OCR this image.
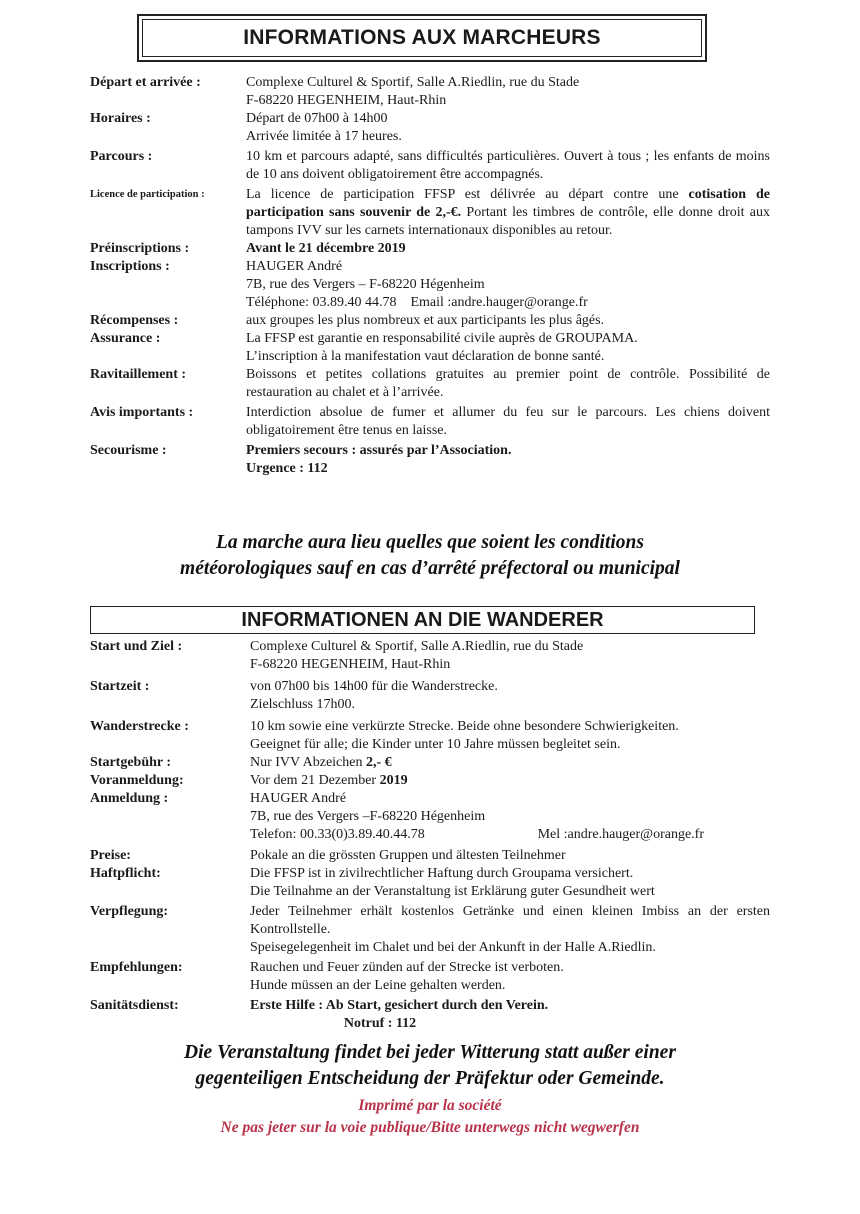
INFORMATIONS AUX MARCHEURS
Départ et arrivée :	Complexe Culturel & Sportif, Salle A.Riedlin, rue du Stade
F-68220 HEGENHEIM, Haut-Rhin
Horaires :	Départ de 07h00 à 14h00
Arrivée limitée à 17 heures.
Parcours :	10 km et parcours adapté, sans difficultés particulières. Ouvert à tous ; les enfants de moins de 10 ans doivent obligatoirement être accompagnés.
Licence de participation :	La licence de participation FFSP est délivrée au départ contre une cotisation de participation sans souvenir de 2,-€. Portant les timbres de contrôle, elle donne droit aux tampons IVV sur les carnets internationaux disponibles au retour.
Préinscriptions :	Avant le 21 décembre 2019
Inscriptions :	HAUGER André
7B, rue des Vergers – F-68220 Hégenheim
Téléphone: 03.89.40 44.78 Email :andre.hauger@orange.fr
Récompenses :	aux groupes les plus nombreux et aux participants les plus âgés.
Assurance :	La FFSP est garantie en responsabilité civile auprès de GROUPAMA.
L’inscription à la manifestation vaut déclaration de bonne santé.
Ravitaillement :	Boissons et petites collations gratuites au premier point de contrôle. Possibilité de restauration au chalet et à l’arrivée.
Avis importants :	Interdiction absolue de fumer et allumer du feu sur le parcours. Les chiens doivent obligatoirement être tenus en laisse.
Secourisme :	Premiers secours : assurés par l’Association.
Urgence : 112
La marche aura lieu quelles que soient les conditions
météorologiques sauf en cas d’arrêté préfectoral ou municipal
INFORMATIONEN AN DIE WANDERER
Start und Ziel :	Complexe Culturel & Sportif, Salle A.Riedlin, rue du Stade
F-68220 HEGENHEIM, Haut-Rhin
Startzeit :	von 07h00 bis 14h00 für die Wanderstrecke.
Zielschluss 17h00.
Wanderstrecke :	10 km sowie eine verkürzte Strecke. Beide ohne besondere Schwierigkeiten.
Geeignet für alle; die Kinder unter 10 Jahre müssen begleitet sein.
Startgebühr :	Nur IVV Abzeichen 2,- €
Voranmeldung:	Vor dem 21 Dezember 2019
Anmeldung :	HAUGER André
7B, rue des Vergers –F-68220 Hégenheim
Telefon: 00.33(0)3.89.40.44.78	Mel :andre.hauger@orange.fr
Preise:	Pokale an die grössten Gruppen und ältesten Teilnehmer
Haftpflicht:	Die FFSP ist in zivilrechtlicher Haftung durch Groupama versichert.
Die Teilnahme an der Veranstaltung ist Erklärung guter Gesundheit wert
Verpflegung:	Jeder Teilnehmer erhält kostenlos Getränke und einen kleinen Imbiss an der ersten Kontrollstelle.
Speisegelegenheit im Chalet und bei der Ankunft in der Halle A.Riedlin.
Empfehlungen:	Rauchen und Feuer zünden auf der Strecke ist verboten.
Hunde müssen an der Leine gehalten werden.
Sanitätsdienst:	Erste Hilfe : Ab Start, gesichert durch den Verein.
Notruf : 112
Die Veranstaltung findet bei jeder Witterung statt außer einer
gegenteiligen Entscheidung der Präfektur oder Gemeinde.
Imprimé par la société
Ne pas jeter sur la voie publique/Bitte unterwegs nicht wegwerfen
